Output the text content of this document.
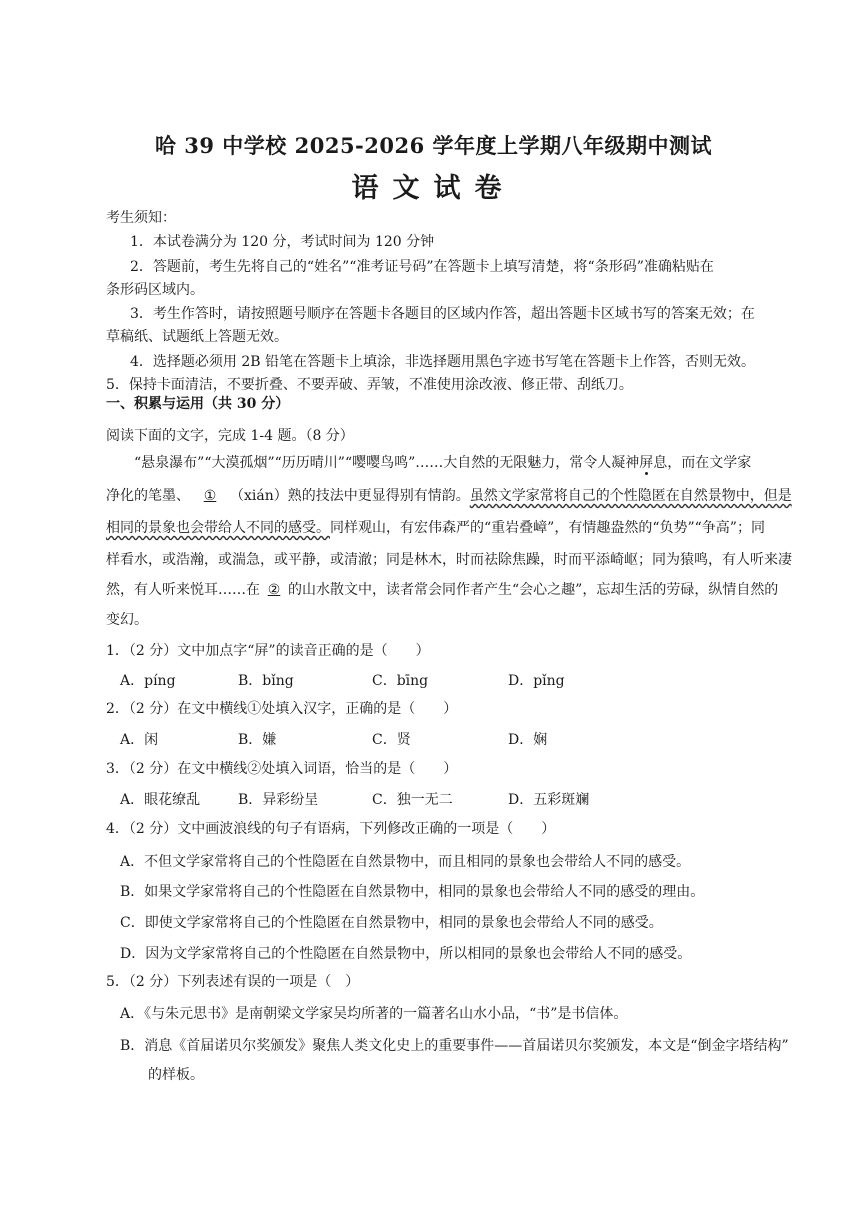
哈 39 中学校 2025-2026 学年度上学期八年级期中测试
语文试卷
考生须知：
1．本试卷满分为 120 分，考试时间为 120 分钟
2．答题前，考生先将自己的“姓名”“准考证号码”在答题卡上填写清楚，将“条形码”准确粘贴在
条形码区域内。
3．考生作答时，请按照题号顺序在答题卡各题目的区域内作答，超出答题卡区域书写的答案无效；在
草稿纸、试题纸上答题无效。
4．选择题必须用 2B 铅笔在答题卡上填涂，非选择题用黑色字迹书写笔在答题卡上作答，否则无效。
5．保持卡面清洁，不要折叠、不要弄破、弄皱，不准使用涂改液、修正带、刮纸刀。
一、积累与运用（共 30 分）
阅读下面的文字，完成 1-4 题。（8 分）
“悬泉瀑布”“大漠孤烟”“历历晴川”“嘤嘤鸟鸣”……大自然的无限魅力，常令人凝神屏息，而在文学家
净化的笔墨、 ① （xián）熟的技法中更显得别有情韵。虽然文学家常将自己的个性隐匿在自然景物中，但是
相同的景象也会带给人不同的感受。同样观山，有宏伟森严的“重岩叠嶂”，有情趣盎然的“负势”“争高”；同
样看水，或浩瀚，或湍急，或平静，或清澈；同是林木，时而祛除焦躁，时而平添崎岖；同为猿鸣，有人听来凄
然，有人听来悦耳……在 ② 的山水散文中，读者常会同作者产生“会心之趣”，忘却生活的劳碌，纵情自然的
变幻。
1．（2 分）文中加点字“屏”的读音正确的是（　　）
A．píng	B．bǐng	C．bīng	D．pǐng
2．（2 分）在文中横线①处填入汉字，正确的是（　　）
A．闲	B．嫌	C．贤	D．娴
3．（2 分）在文中横线②处填入词语，恰当的是（　　）
A．眼花缭乱	B．异彩纷呈	C．独一无二	D．五彩斑斓
4．（2 分）文中画波浪线的句子有语病，下列修改正确的一项是（　　）
A．不但文学家常将自己的个性隐匿在自然景物中，而且相同的景象也会带给人不同的感受。
B．如果文学家常将自己的个性隐匿在自然景物中，相同的景象也会带给人不同的感受的理由。
C．即使文学家常将自己的个性隐匿在自然景物中，相同的景象也会带给人不同的感受。
D．因为文学家常将自己的个性隐匿在自然景物中，所以相同的景象也会带给人不同的感受。
5．（2 分）下列表述有误的一项是（　）
A．《与朱元思书》是南朝梁文学家吴均所著的一篇著名山水小品，“书”是书信体。
B．消息《首届诺贝尔奖颁发》聚焦人类文化史上的重要事件——首届诺贝尔奖颁发，本文是“倒金字塔结构”
的样板。
